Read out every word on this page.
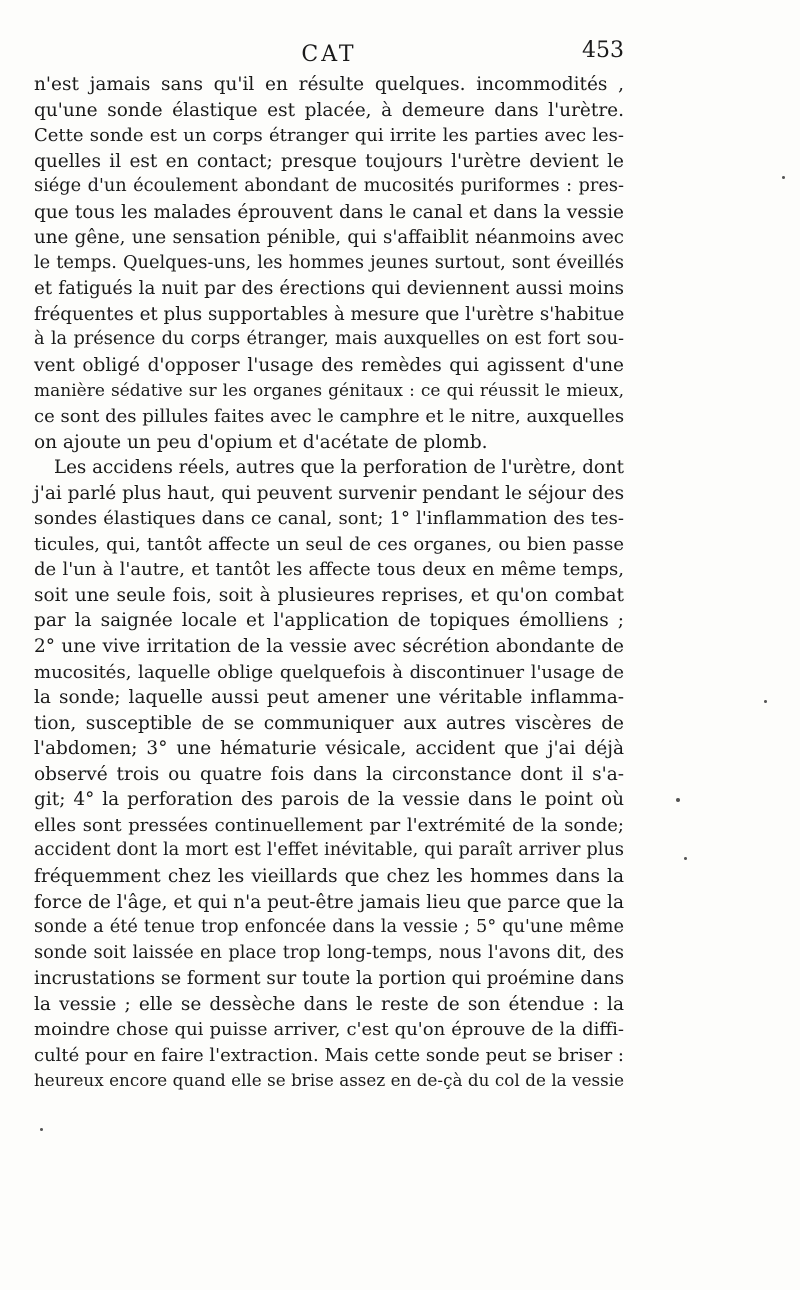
CAT	453
n'est jamais sans qu'il en résulte quelques. incommodités ,
qu'une sonde élastique est placée, à demeure dans l'urètre.
Cette sonde est un corps étranger qui irrite les parties avec les-
quelles il est en contact; presque toujours l'urètre devient le
siége d'un écoulement abondant de mucosités puriformes : pres-
que tous les malades éprouvent dans le canal et dans la vessie
une gêne, une sensation pénible, qui s'affaiblit néanmoins avec
le temps. Quelques-uns, les hommes jeunes surtout, sont éveillés
et fatigués la nuit par des érections qui deviennent aussi moins
fréquentes et plus supportables à mesure que l'urètre s'habitue
à la présence du corps étranger, mais auxquelles on est fort sou-
vent obligé d'opposer l'usage des remèdes qui agissent d'une
manière sédative sur les organes génitaux : ce qui réussit le mieux,
ce sont des pillules faites avec le camphre et le nitre, auxquelles
on ajoute un peu d'opium et d'acétate de plomb.
Les accidens réels, autres que la perforation de l'urètre, dont
j'ai parlé plus haut, qui peuvent survenir pendant le séjour des
sondes élastiques dans ce canal, sont; 1° l'inflammation des tes-
ticules, qui, tantôt affecte un seul de ces organes, ou bien passe
de l'un à l'autre, et tantôt les affecte tous deux en même temps,
soit une seule fois, soit à plusieures reprises, et qu'on combat
par la saignée locale et l'application de topiques émolliens ;
2° une vive irritation de la vessie avec sécrétion abondante de
mucosités, laquelle oblige quelquefois à discontinuer l'usage de
la sonde; laquelle aussi peut amener une véritable inflamma-
tion, susceptible de se communiquer aux autres viscères de
l'abdomen; 3° une hématurie vésicale, accident que j'ai déjà
observé trois ou quatre fois dans la circonstance dont il s'a-
git; 4° la perforation des parois de la vessie dans le point où
elles sont pressées continuellement par l'extrémité de la sonde;
accident dont la mort est l'effet inévitable, qui paraît arriver plus
fréquemment chez les vieillards que chez les hommes dans la
force de l'âge, et qui n'a peut-être jamais lieu que parce que la
sonde a été tenue trop enfoncée dans la vessie ; 5° qu'une même
sonde soit laissée en place trop long-temps, nous l'avons dit, des
incrustations se forment sur toute la portion qui proémine dans
la vessie ; elle se dessèche dans le reste de son étendue : la
moindre chose qui puisse arriver, c'est qu'on éprouve de la diffi-
culté pour en faire l'extraction. Mais cette sonde peut se briser :
heureux encore quand elle se brise assez en de-çà du col de la vessie
